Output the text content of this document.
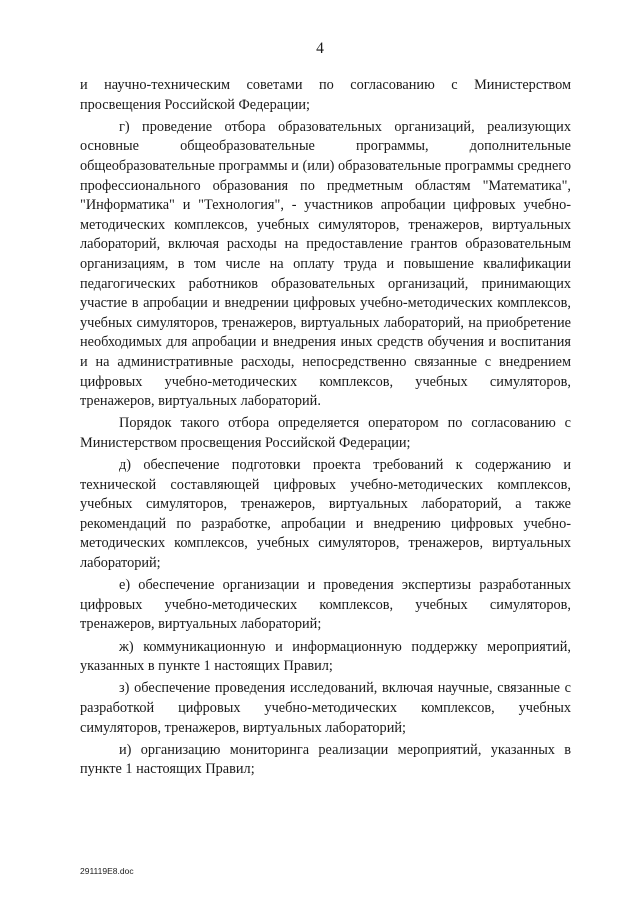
4

и научно-техническим советами по согласованию с Министерством просвещения Российской Федерации;

г) проведение отбора образовательных организаций, реализующих основные общеобразовательные программы, дополнительные общеобразовательные программы и (или) образовательные программы среднего профессионального образования по предметным областям "Математика", "Информатика" и "Технология", - участников апробации цифровых учебно-методических комплексов, учебных симуляторов, тренажеров, виртуальных лабораторий, включая расходы на предоставление грантов образовательным организациям, в том числе на оплату труда и повышение квалификации педагогических работников образовательных организаций, принимающих участие в апробации и внедрении цифровых учебно-методических комплексов, учебных симуляторов, тренажеров, виртуальных лабораторий, на приобретение необходимых для апробации и внедрения иных средств обучения и воспитания и на административные расходы, непосредственно связанные с внедрением цифровых учебно-методических комплексов, учебных симуляторов, тренажеров, виртуальных лабораторий.

Порядок такого отбора определяется оператором по согласованию с Министерством просвещения Российской Федерации;

д) обеспечение подготовки проекта требований к содержанию и технической составляющей цифровых учебно-методических комплексов, учебных симуляторов, тренажеров, виртуальных лабораторий, а также рекомендаций по разработке, апробации и внедрению цифровых учебно-методических комплексов, учебных симуляторов, тренажеров, виртуальных лабораторий;

е) обеспечение организации и проведения экспертизы разработанных цифровых учебно-методических комплексов, учебных симуляторов, тренажеров, виртуальных лабораторий;

ж) коммуникационную и информационную поддержку мероприятий, указанных в пункте 1 настоящих Правил;

з) обеспечение проведения исследований, включая научные, связанные с разработкой цифровых учебно-методических комплексов, учебных симуляторов, тренажеров, виртуальных лабораторий;

и) организацию мониторинга реализации мероприятий, указанных в пункте 1 настоящих Правил;

291119E8.doc
